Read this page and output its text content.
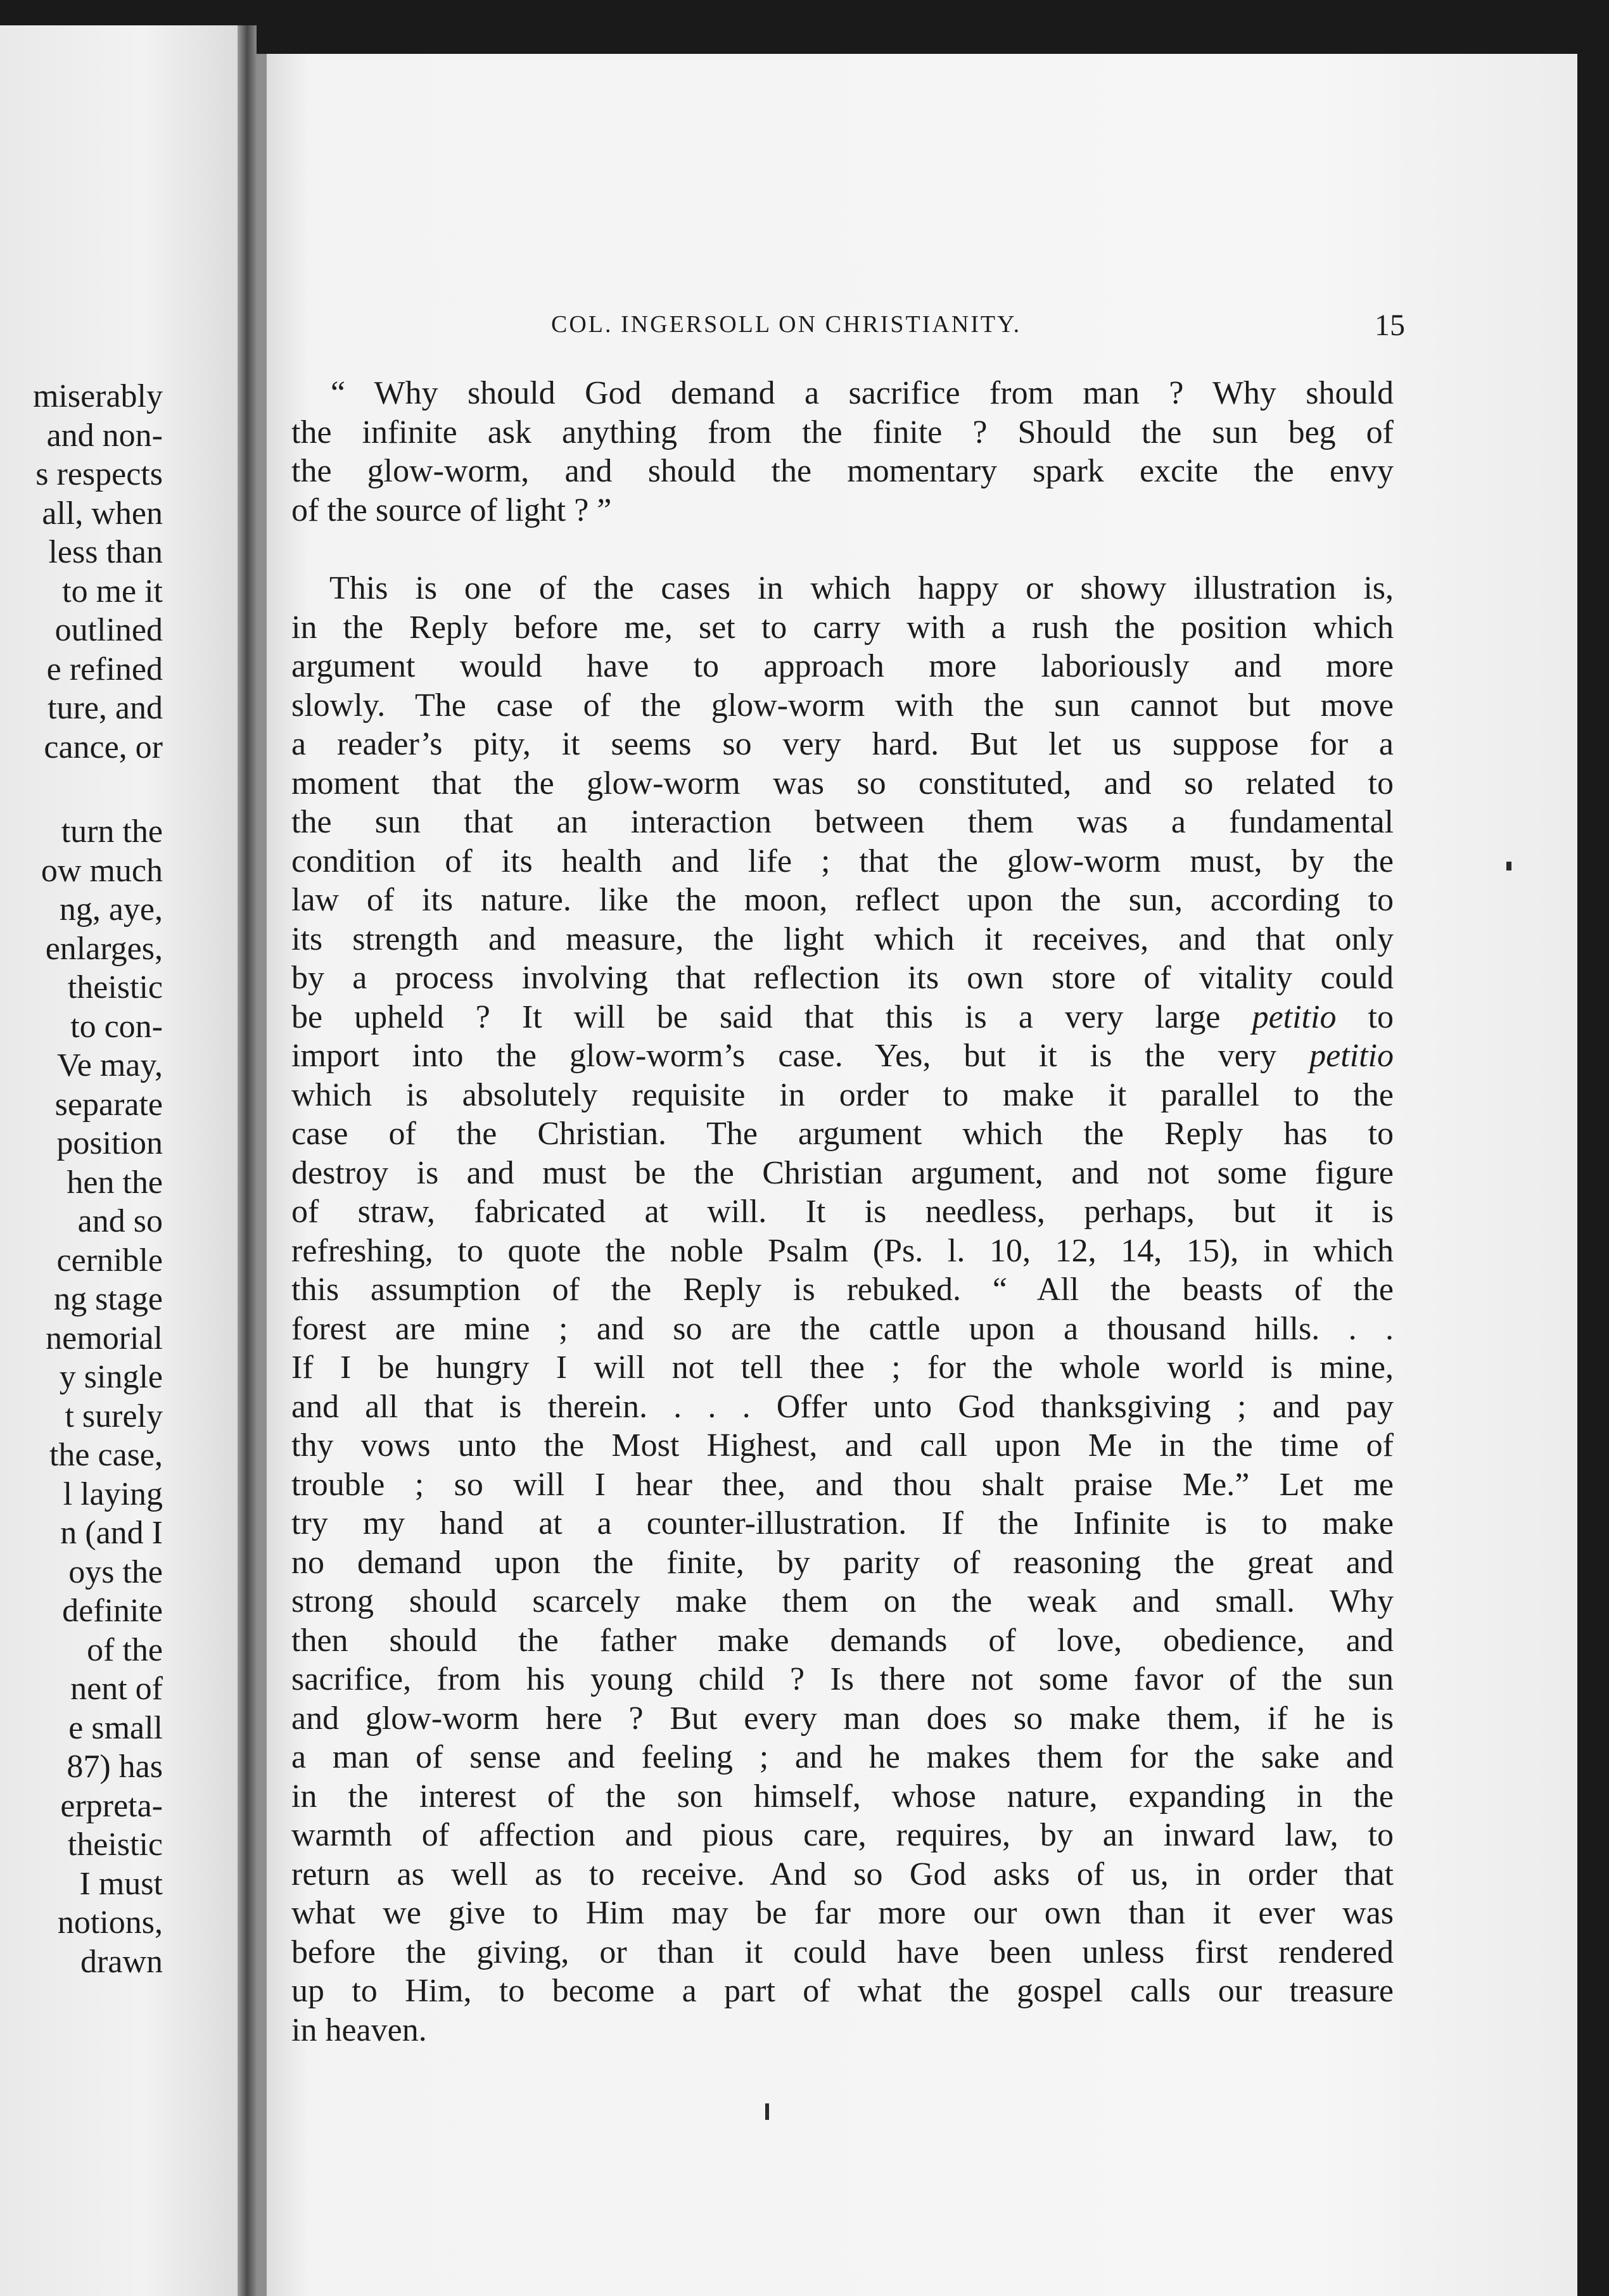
miserably
and non-
s respects
all, when
less than
to me it
outlined
e refined
ture, and
cance, or
turn the
ow much
ng, aye,
enlarges,
theistic
to con-
Ve may,
separate
position
hen the
and so
cernible
ng stage
nemorial
y single
t surely
the case,
l laying
n (and I
oys the
definite
of the
nent of
e small
87) has
erpreta-
theistic
I must
notions,
drawn
COL. INGERSOLL ON CHRISTIANITY.	15
“ Why should God demand a sacrifice from man ? Why should
the infinite ask anything from the finite ? Should the sun beg of
the glow-worm, and should the momentary spark excite the envy
of the source of light ? ”
This is one of the cases in which happy or showy illustration is,
in the Reply before me, set to carry with a rush the position which
argument would have to approach more laboriously and more
slowly. The case of the glow-worm with the sun cannot but move
a reader’s pity, it seems so very hard. But let us suppose for a
moment that the glow-worm was so constituted, and so related to
the sun that an interaction between them was a fundamental
condition of its health and life ; that the glow-worm must, by the
law of its nature. like the moon, reflect upon the sun, according to
its strength and measure, the light which it receives, and that only
by a process involving that reflection its own store of vitality could
be upheld ? It will be said that this is a very large petitio to
import into the glow-worm’s case. Yes, but it is the very petitio
which is absolutely requisite in order to make it parallel to the
case of the Christian. The argument which the Reply has to
destroy is and must be the Christian argument, and not some figure
of straw, fabricated at will. It is needless, perhaps, but it is
refreshing, to quote the noble Psalm (Ps. l. 10, 12, 14, 15), in which
this assumption of the Reply is rebuked. “ All the beasts of the
forest are mine ; and so are the cattle upon a thousand hills. . .
If I be hungry I will not tell thee ; for the whole world is mine,
and all that is therein. . . . Offer unto God thanksgiving ; and pay
thy vows unto the Most Highest, and call upon Me in the time of
trouble ; so will I hear thee, and thou shalt praise Me.” Let me
try my hand at a counter-illustration. If the Infinite is to make
no demand upon the finite, by parity of reasoning the great and
strong should scarcely make them on the weak and small. Why
then should the father make demands of love, obedience, and
sacrifice, from his young child ? Is there not some favor of the sun
and glow-worm here ? But every man does so make them, if he is
a man of sense and feeling ; and he makes them for the sake and
in the interest of the son himself, whose nature, expanding in the
warmth of affection and pious care, requires, by an inward law, to
return as well as to receive. And so God asks of us, in order that
what we give to Him may be far more our own than it ever was
before the giving, or than it could have been unless first rendered
up to Him, to become a part of what the gospel calls our treasure
in heaven.
